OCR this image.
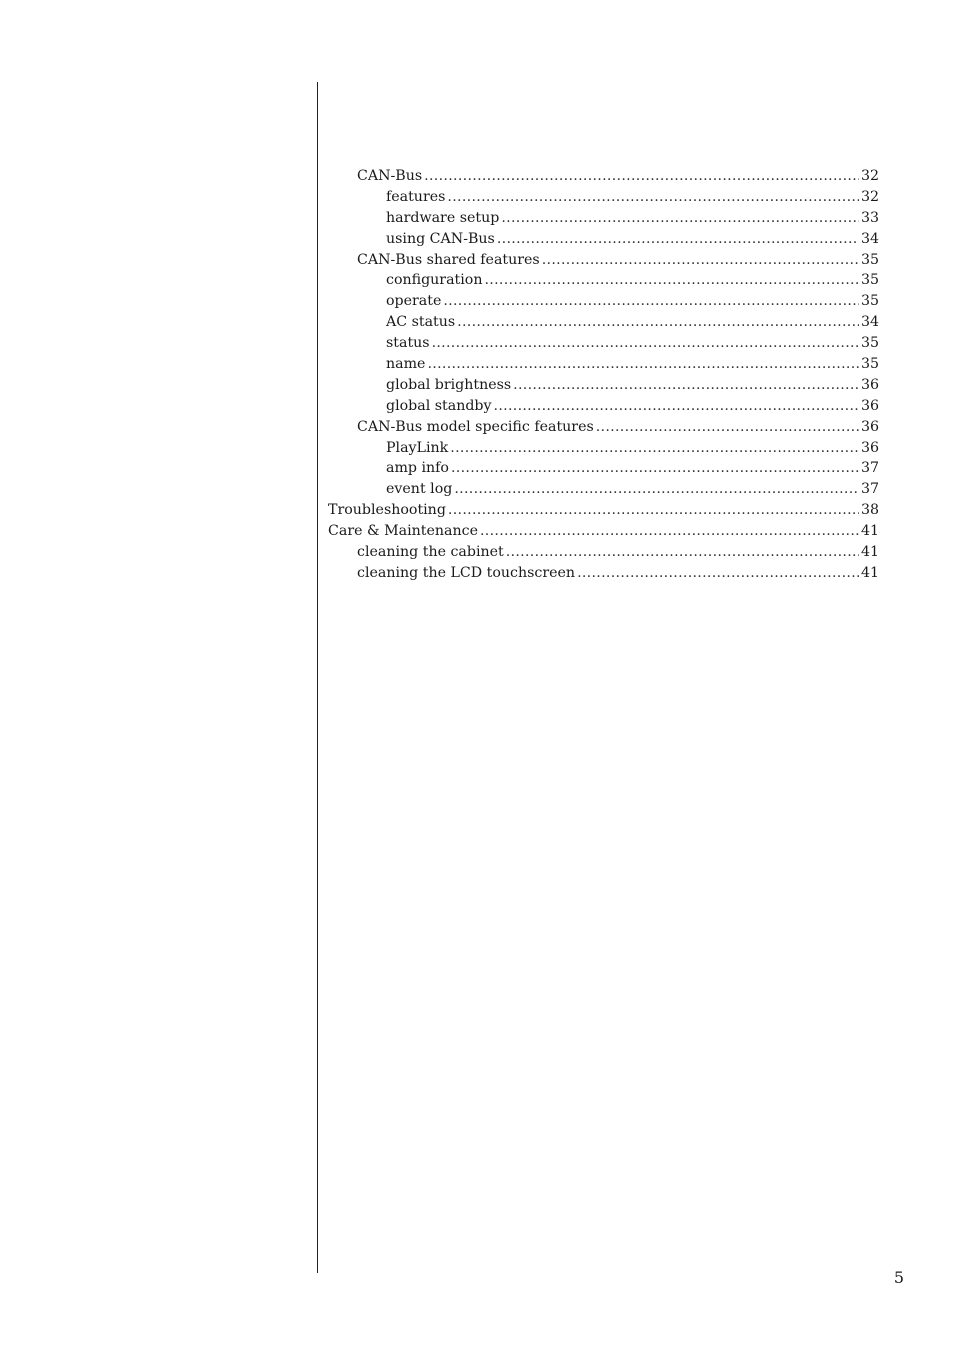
CAN-Bus .....	32
features .....	32
hardware setup .....	33
using CAN-Bus .....	34
CAN-Bus shared features .....	35
configuration .....	35
operate .....	35
AC status .....	34
status .....	35
name .....	35
global brightness .....	36
global standby .....	36
CAN-Bus model specific features .....	36
PlayLink .....	36
amp info .....	37
event log .....	37
Troubleshooting .....	38
Care & Maintenance .....	41
cleaning the cabinet .....	41
cleaning the LCD touchscreen .....	41
5
